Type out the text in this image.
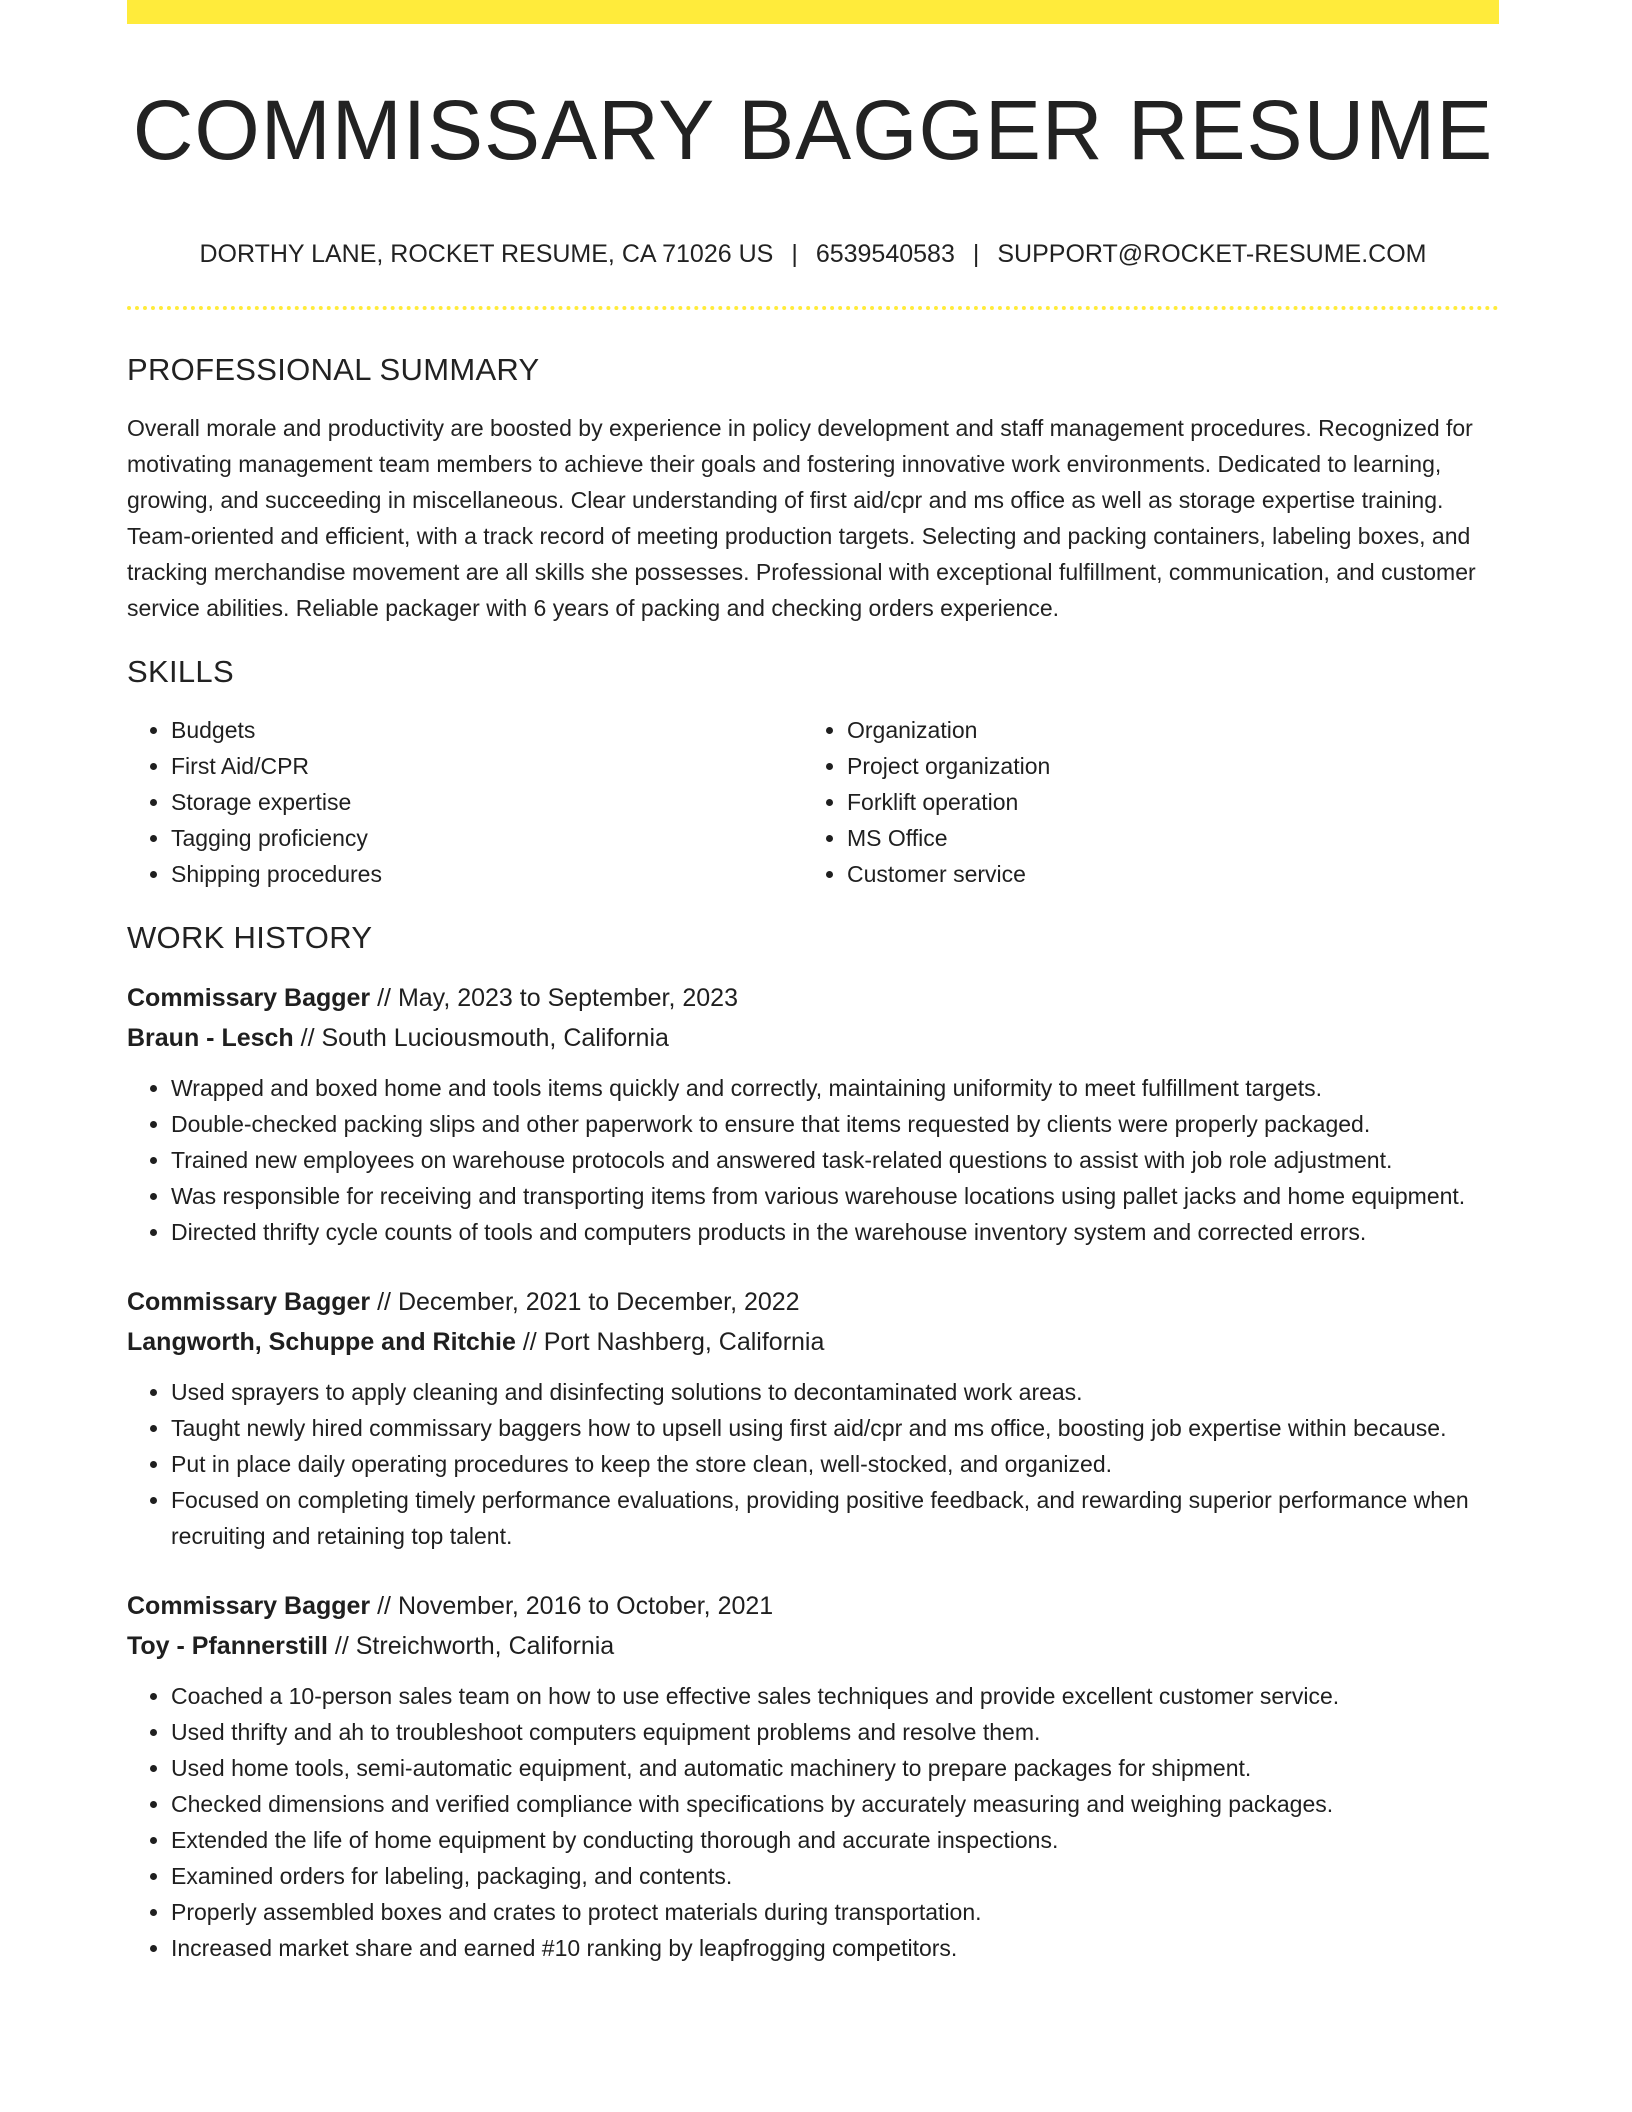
COMMISSARY BAGGER RESUME
DORTHY LANE, ROCKET RESUME, CA 71026 US | 6539540583 | SUPPORT@ROCKET-RESUME.COM
PROFESSIONAL SUMMARY

Overall morale and productivity are boosted by experience in policy development and staff management procedures. Recognized for motivating management team members to achieve their goals and fostering innovative work environments. Dedicated to learning, growing, and succeeding in miscellaneous. Clear understanding of first aid/cpr and ms office as well as storage expertise training. Team-oriented and efficient, with a track record of meeting production targets. Selecting and packing containers, labeling boxes, and tracking merchandise movement are all skills she possesses. Professional with exceptional fulfillment, communication, and customer service abilities. Reliable packager with 6 years of packing and checking orders experience.

SKILLS
• Budgets
• First Aid/CPR
• Storage expertise
• Tagging proficiency
• Shipping procedures
• Organization
• Project organization
• Forklift operation
• MS Office
• Customer service
WORK HISTORY
Commissary Bagger // May, 2023 to September, 2023
Braun - Lesch // South Luciousmouth, California
• Wrapped and boxed home and tools items quickly and correctly, maintaining uniformity to meet fulfillment targets.
• Double-checked packing slips and other paperwork to ensure that items requested by clients were properly packaged.
• Trained new employees on warehouse protocols and answered task-related questions to assist with job role adjustment.
• Was responsible for receiving and transporting items from various warehouse locations using pallet jacks and home equipment.
• Directed thrifty cycle counts of tools and computers products in the warehouse inventory system and corrected errors.
Commissary Bagger // December, 2021 to December, 2022
Langworth, Schuppe and Ritchie // Port Nashberg, California
• Used sprayers to apply cleaning and disinfecting solutions to decontaminated work areas.
• Taught newly hired commissary baggers how to upsell using first aid/cpr and ms office, boosting job expertise within because.
• Put in place daily operating procedures to keep the store clean, well-stocked, and organized.
• Focused on completing timely performance evaluations, providing positive feedback, and rewarding superior performance when recruiting and retaining top talent.
Commissary Bagger // November, 2016 to October, 2021
Toy - Pfannerstill // Streichworth, California
• Coached a 10-person sales team on how to use effective sales techniques and provide excellent customer service.
• Used thrifty and ah to troubleshoot computers equipment problems and resolve them.
• Used home tools, semi-automatic equipment, and automatic machinery to prepare packages for shipment.
• Checked dimensions and verified compliance with specifications by accurately measuring and weighing packages.
• Extended the life of home equipment by conducting thorough and accurate inspections.
• Examined orders for labeling, packaging, and contents.
• Properly assembled boxes and crates to protect materials during transportation.
• Increased market share and earned #10 ranking by leapfrogging competitors.
